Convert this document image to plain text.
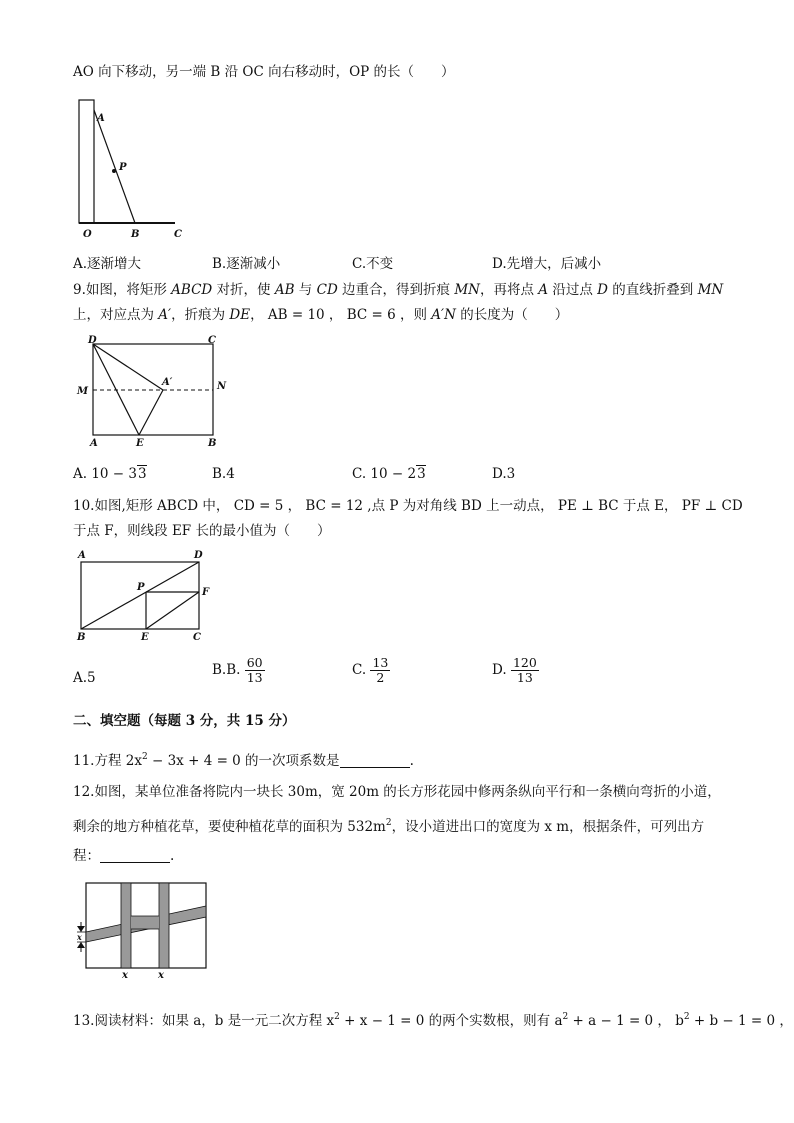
AO 向下移动，另一端 B 沿 OC 向右移动时，OP 的长（　　）
A
P
O	B	C
A.逐渐增大	B.逐渐减小	C.不变	D.先增大，后减小
9.如图，将矩形 ABCD 对折，使 AB 与 CD 边重合，得到折痕 MN，再将点 A 沿过点 D 的直线折叠到 MN
上，对应点为 A′，折痕为 DE， AB = 10 ， BC = 6 ，则 A′N 的长度为（　　）
D	C
M
A′	N
A	E	B
A. 10 − 33	B.4	C. 10 − 23	D.3
10.如图,矩形 ABCD 中， CD = 5 ， BC = 12 ,点 P 为对角线 BD 上一动点， PE ⊥ BC 于点 E， PF ⊥ CD
于点 F，则线段 EF 长的最小值为（　　）
A	D
P	F
B	E	C
A.5	B.B. $\frac{60}{13}$	C. $\frac{13}{2}$	D. $\frac{120}{13}$
二、填空题（每题 3 分，共 15 分）
11.方程 $2x^2 - 3x + 4 = 0$ 的一次项系数是	.
12.如图，某单位准备将院内一块长 30m，宽 20m 的长方形花园中修两条纵向平行和一条横向弯折的小道，
剩余的地方种植花草，要使种植花草的面积为 $532m^2$，设小道进出口的宽度为 x m，根据条件，可列出方
程：	.
x
x	x
13.阅读材料：如果 a，b 是一元二次方程 $x^2 + x - 1 = 0$ 的两个实数根，则有 $a^2 + a - 1 = 0$ ， $b^2 + b - 1 = 0$ ，
